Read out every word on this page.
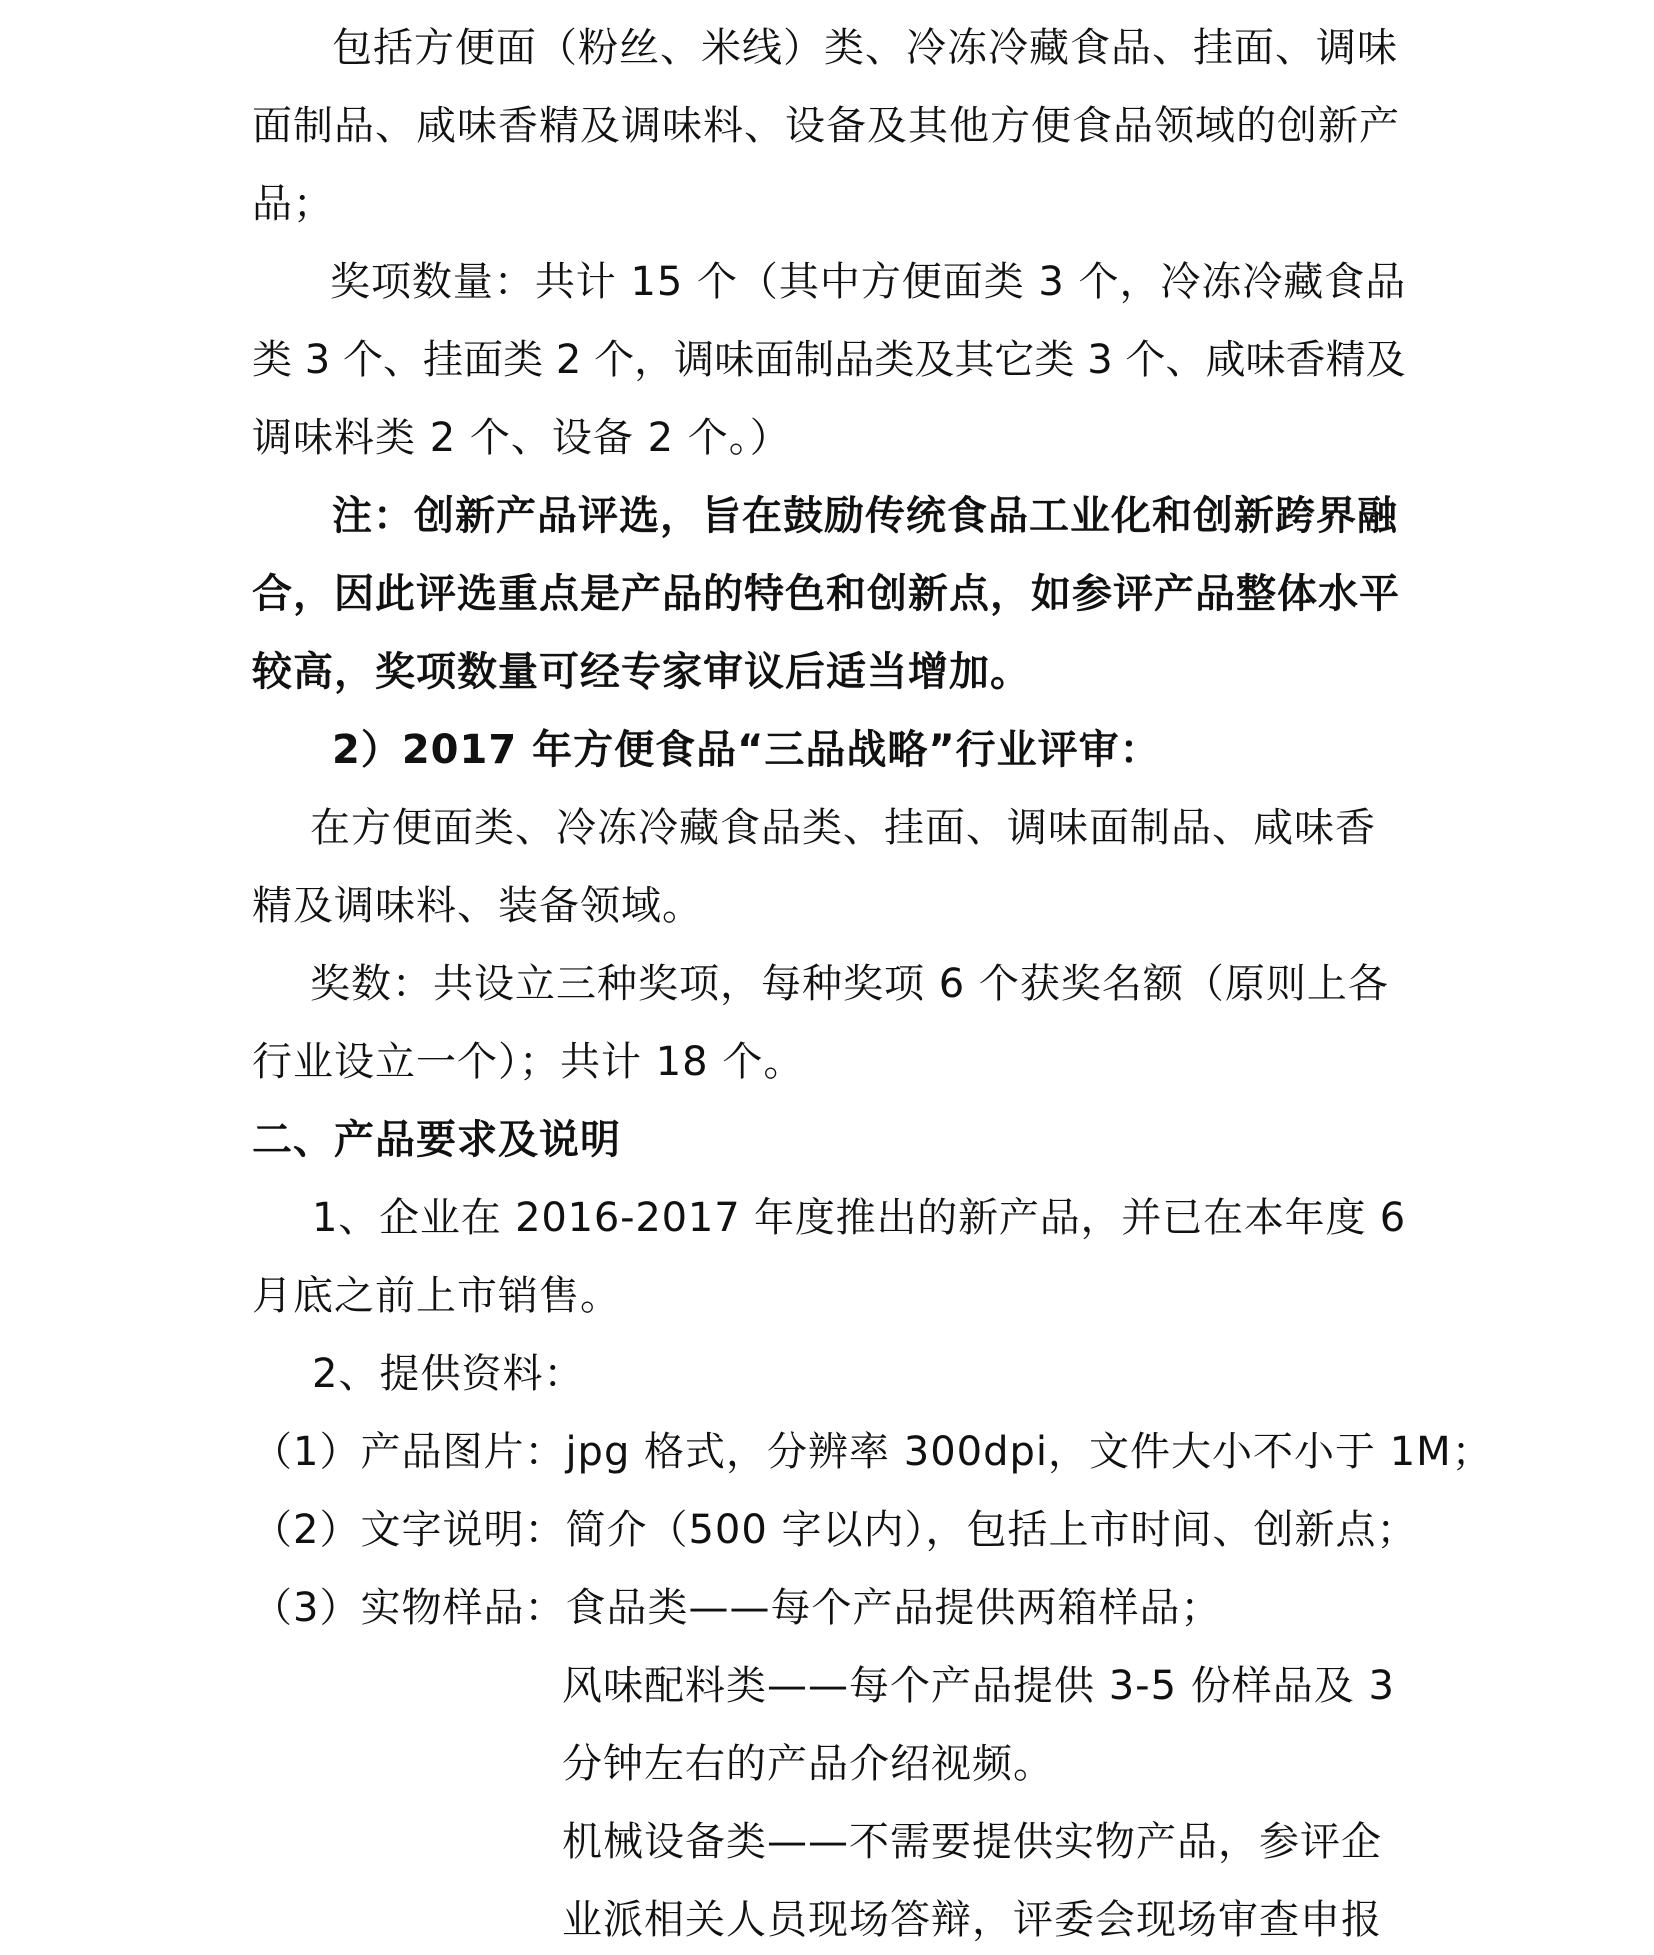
包括方便面（粉丝、米线）类、冷冻冷藏食品、挂面、调味
面制品、咸味香精及调味料、设备及其他方便食品领域的创新产
品；
奖项数量：共计 15 个（其中方便面类 3 个，冷冻冷藏食品
类 3 个、挂面类 2 个，调味面制品类及其它类 3 个、咸味香精及
调味料类 2 个、设备 2 个。）
注：创新产品评选，旨在鼓励传统食品工业化和创新跨界融
合，因此评选重点是产品的特色和创新点，如参评产品整体水平
较高，奖项数量可经专家审议后适当增加。
2）2017 年方便食品“三品战略”行业评审：
在方便面类、冷冻冷藏食品类、挂面、调味面制品、咸味香
精及调味料、装备领域。
奖数：共设立三种奖项，每种奖项 6 个获奖名额（原则上各
行业设立一个）；共计 18 个。
二、产品要求及说明
1、企业在 2016-2017 年度推出的新产品，并已在本年度 6
月底之前上市销售。
2、提供资料：
（1）产品图片：jpg 格式，分辨率 300dpi，文件大小不小于 1M；
（2）文字说明：简介（500 字以内），包括上市时间、创新点；
（3）实物样品：食品类——每个产品提供两箱样品；
风味配料类——每个产品提供 3-5 份样品及 3
分钟左右的产品介绍视频。
机械设备类——不需要提供实物产品，参评企
业派相关人员现场答辩，评委会现场审查申报
